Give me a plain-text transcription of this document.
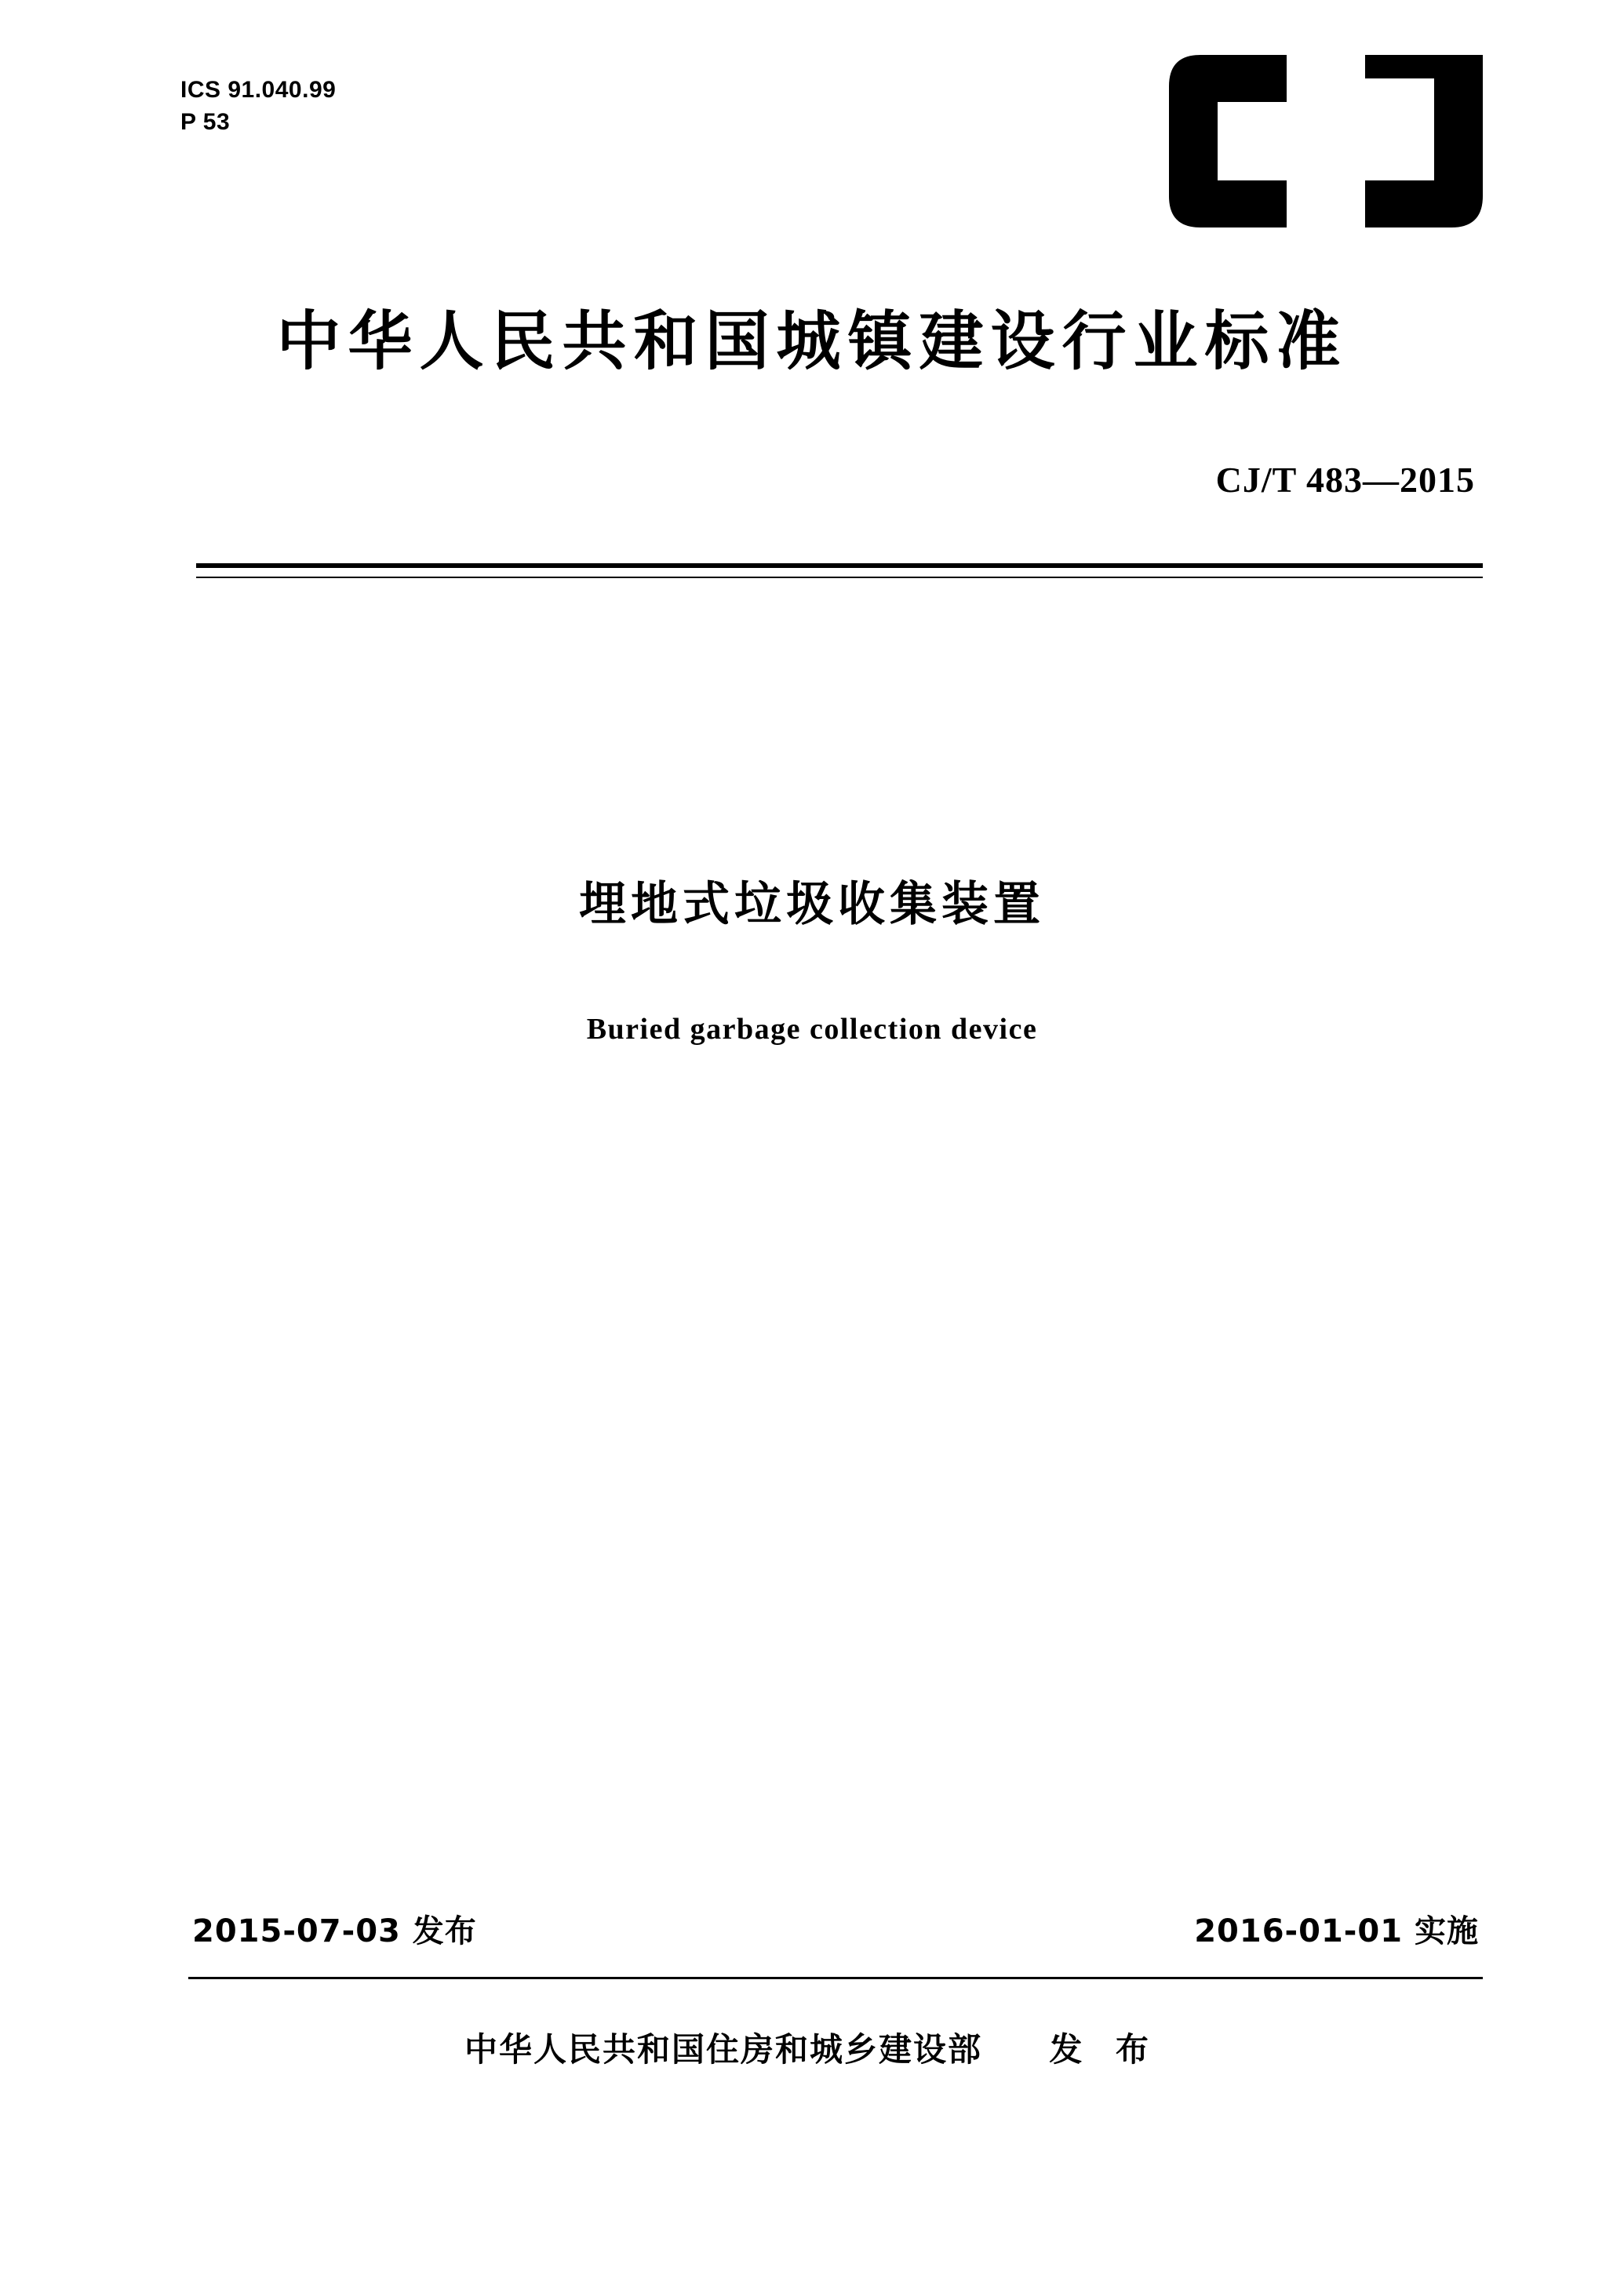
ICS 91.040.99
P 53
中华人民共和国城镇建设行业标准
CJ/T 483—2015
埋地式垃圾收集装置
Buried garbage collection device
2015-07-03 发布	2016-01-01 实施
中华人民共和国住房和城乡建设部 发 布
